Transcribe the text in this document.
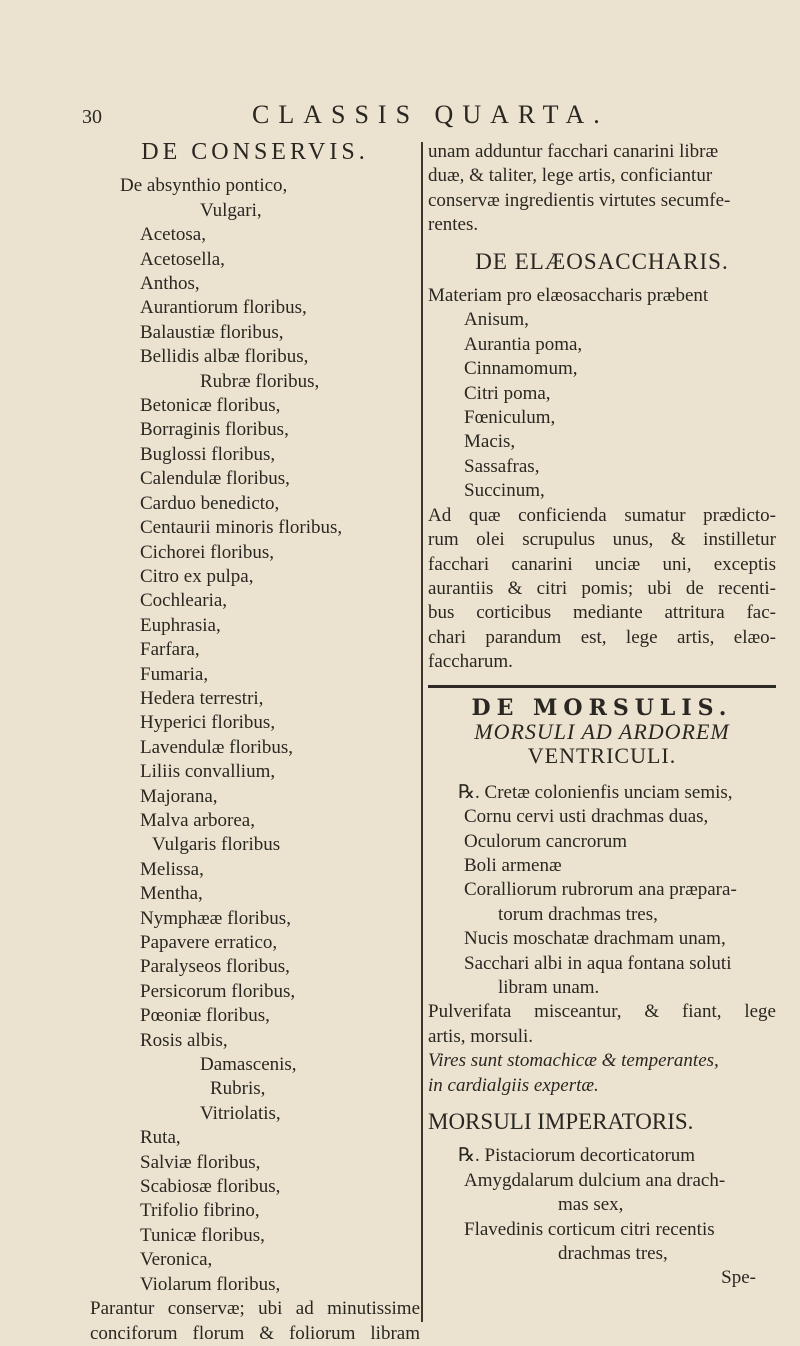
30	CLASSIS QUARTA.
DE CONSERVIS.
De absynthio pontico,
Vulgari,
Acetosa,
Acetosella,
Anthos,
Aurantiorum floribus,
Balaustiæ floribus,
Bellidis albæ floribus,
Rubræ floribus,
Betonicæ floribus,
Borraginis floribus,
Buglossi floribus,
Calendulæ floribus,
Carduo benedicto,
Centaurii minoris floribus,
Cichorei floribus,
Citro ex pulpa,
Cochlearia,
Euphrasia,
Farfara,
Fumaria,
Hedera terrestri,
Hyperici floribus,
Lavendulæ floribus,
Liliis convallium,
Majorana,
Malva arborea,
Vulgaris floribus
Melissa,
Mentha,
Nymphææ floribus,
Papavere erratico,
Paralyseos floribus,
Persicorum floribus,
Pœoniæ floribus,
Rosis albis,
Damascenis,
Rubris,
Vitriolatis,
Ruta,
Salviæ floribus,
Scabiosæ floribus,
Trifolio fibrino,
Tunicæ floribus,
Veronica,
Violarum floribus,
Parantur conservæ; ubi ad minutissime
conciforum florum & foliorum libram
unam adduntur facchari canarini libræ
duæ, & taliter, lege artis, conficiantur
conservæ ingredientis virtutes secumfe-
rentes.
DE ELÆOSACCHARIS.
Materiam pro elæosaccharis præbent
Anisum,
Aurantia poma,
Cinnamomum,
Citri poma,
Fœniculum,
Macis,
Sassafras,
Succinum,
Ad quæ conficienda sumatur prædicto-
rum olei scrupulus unus, & instilletur
facchari canarini unciæ uni, exceptis
aurantiis & citri pomis; ubi de recenti-
bus corticibus mediante attritura fac-
chari parandum est, lege artis, elæo-
faccharum.
DE MORSULIS.
MORSULI AD ARDOREM
VENTRICULI.
℞. Cretæ colonienfis unciam semis,
Cornu cervi usti drachmas duas,
Oculorum cancrorum
Boli armenæ
Coralliorum rubrorum ana præpara-
torum drachmas tres,
Nucis moschatæ drachmam unam,
Sacchari albi in aqua fontana soluti
libram unam.
Pulverifata misceantur, & fiant, lege
artis, morsuli.
Vires sunt stomachicæ & temperantes,
in cardialgiis expertæ.
MORSULI IMPERATORIS.
℞. Pistaciorum decorticatorum
Amygdalarum dulcium ana drach-
mas sex,
Flavedinis corticum citri recentis
drachmas tres,
Spe-
